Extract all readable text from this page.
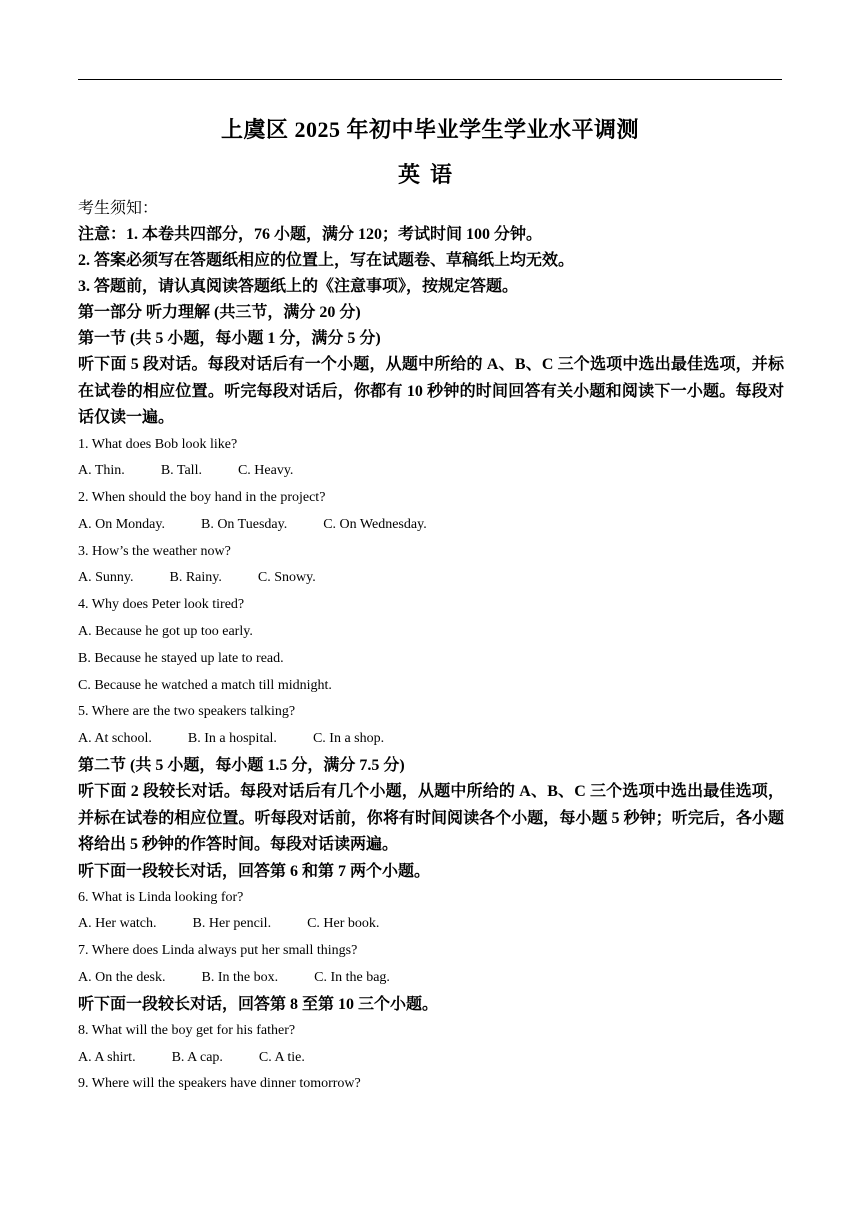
上虞区 2025 年初中毕业学生学业水平调测
英语

考生须知：

注意：1. 本卷共四部分，76 小题，满分 120；考试时间 100 分钟。

2. 答案必须写在答题纸相应的位置上，写在试题卷、草稿纸上均无效。

3. 答题前，请认真阅读答题纸上的《注意事项》，按规定答题。

第一部分 听力理解 (共三节，满分 20 分)

第一节 (共 5 小题，每小题 1 分，满分 5 分)

听下面 5 段对话。每段对话后有一个小题，从题中所给的 A、B、C 三个选项中选出最佳选项，并标在试卷的相应位置。听完每段对话后，你都有 10 秒钟的时间回答有关小题和阅读下一小题。每段对话仅读一遍。

1. What does Bob look like?

A. Thin.	B. Tall.	C. Heavy.

2. When should the boy hand in the project?

A. On Monday.	B. On Tuesday.	C. On Wednesday.

3. How’s the weather now?

A. Sunny.	B. Rainy.	C. Snowy.

4. Why does Peter look tired?

A. Because he got up too early.

B. Because he stayed up late to read.

C. Because he watched a match till midnight.

5. Where are the two speakers talking?

A. At school.	B. In a hospital.	C. In a shop.

第二节 (共 5 小题，每小题 1.5 分，满分 7.5 分)

听下面 2 段较长对话。每段对话后有几个小题，从题中所给的 A、B、C 三个选项中选出最佳选项，并标在试卷的相应位置。听每段对话前，你将有时间阅读各个小题，每小题 5 秒钟；听完后，各小题将给出 5 秒钟的作答时间。每段对话读两遍。

听下面一段较长对话，回答第 6 和第 7 两个小题。

6. What is Linda looking for?

A. Her watch.	B. Her pencil.	C. Her book.

7. Where does Linda always put her small things?

A. On the desk.	B. In the box.	C. In the bag.

听下面一段较长对话，回答第 8 至第 10 三个小题。

8. What will the boy get for his father?

A. A shirt.	B. A cap.	C. A tie.

9. Where will the speakers have dinner tomorrow?
